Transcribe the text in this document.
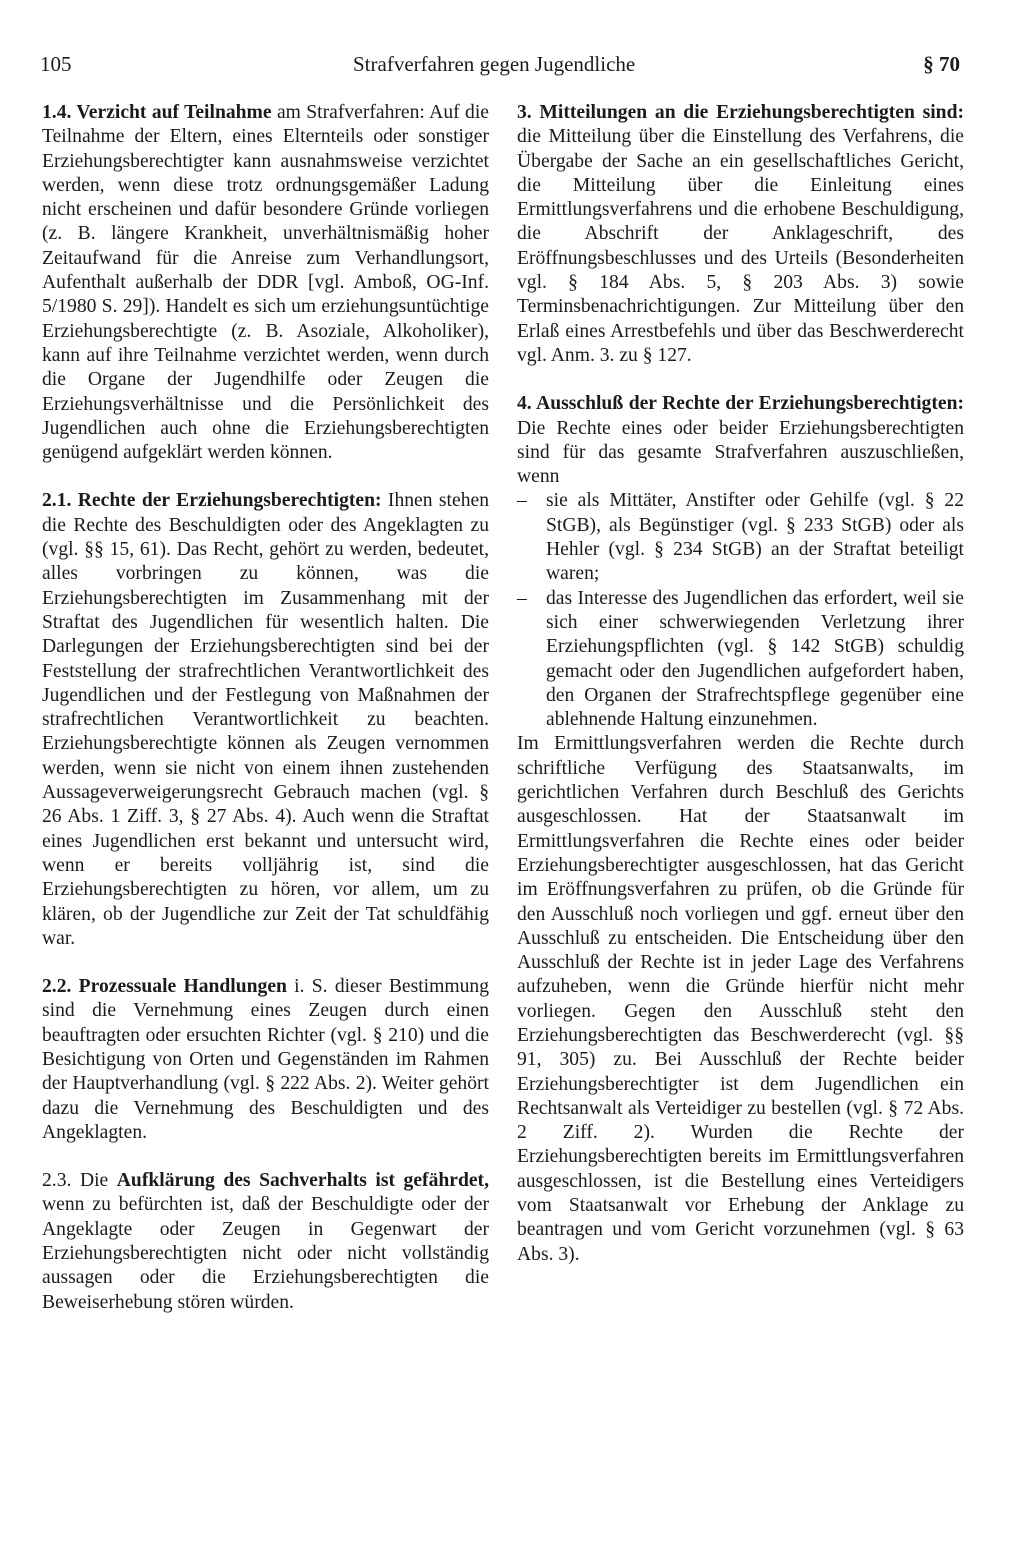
105	Strafverfahren gegen Jugendliche	§ 70

1.4. Verzicht auf Teilnahme am Strafverfahren: Auf die Teilnahme der Eltern, eines Elternteils oder sonstiger Erziehungsberechtigter kann ausnahmsweise verzichtet werden, wenn diese trotz ordnungsgemäßer Ladung nicht erscheinen und dafür besondere Gründe vorliegen (z. B. längere Krankheit, unverhältnismäßig hoher Zeitaufwand für die Anreise zum Verhandlungsort, Aufenthalt außerhalb der DDR [vgl. Amboß, OG-Inf. 5/1980 S. 29]). Handelt es sich um erziehungsuntüchtige Erziehungsberechtigte (z. B. Asoziale, Alkoholiker), kann auf ihre Teilnahme verzichtet werden, wenn durch die Organe der Jugendhilfe oder Zeugen die Erziehungsverhältnisse und die Persönlichkeit des Jugendlichen auch ohne die Erziehungsberechtigten genügend aufgeklärt werden können.

2.1. Rechte der Erziehungsberechtigten: Ihnen stehen die Rechte des Beschuldigten oder des Angeklagten zu (vgl. §§ 15, 61). Das Recht, gehört zu werden, bedeutet, alles vorbringen zu können, was die Erziehungsberechtigten im Zusammenhang mit der Straftat des Jugendlichen für wesentlich halten. Die Darlegungen der Erziehungsberechtigten sind bei der Feststellung der strafrechtlichen Verantwortlichkeit des Jugendlichen und der Festlegung von Maßnahmen der strafrechtlichen Verantwortlichkeit zu beachten. Erziehungsberechtigte können als Zeugen vernommen werden, wenn sie nicht von einem ihnen zustehenden Aussageverweigerungsrecht Gebrauch machen (vgl. § 26 Abs. 1 Ziff. 3, § 27 Abs. 4). Auch wenn die Straftat eines Jugendlichen erst bekannt und untersucht wird, wenn er bereits volljährig ist, sind die Erziehungsberechtigten zu hören, vor allem, um zu klären, ob der Jugendliche zur Zeit der Tat schuldfähig war.

2.2. Prozessuale Handlungen i. S. dieser Bestimmung sind die Vernehmung eines Zeugen durch einen beauftragten oder ersuchten Richter (vgl. § 210) und die Besichtigung von Orten und Gegenständen im Rahmen der Hauptverhandlung (vgl. § 222 Abs. 2). Weiter gehört dazu die Vernehmung des Beschuldigten und des Angeklagten.

2.3. Die Aufklärung des Sachverhalts ist gefährdet, wenn zu befürchten ist, daß der Beschuldigte oder der Angeklagte oder Zeugen in Gegenwart der Erziehungsberechtigten nicht oder nicht vollständig aussagen oder die Erziehungsberechtigten die Beweiserhebung stören würden.

3. Mitteilungen an die Erziehungsberechtigten sind: die Mitteilung über die Einstellung des Verfahrens, die Übergabe der Sache an ein gesellschaftliches Gericht, die Mitteilung über die Einleitung eines Ermittlungsverfahrens und die erhobene Beschuldigung, die Abschrift der Anklageschrift, des Eröffnungsbeschlusses und des Urteils (Besonderheiten vgl. § 184 Abs. 5, § 203 Abs. 3) sowie Terminsbenachrichtigungen. Zur Mitteilung über den Erlaß eines Arrestbefehls und über das Beschwerderecht vgl. Anm. 3. zu § 127.

4. Ausschluß der Rechte der Erziehungsberechtigten: Die Rechte eines oder beider Erziehungsberechtigten sind für das gesamte Strafverfahren auszuschließen, wenn

– sie als Mittäter, Anstifter oder Gehilfe (vgl. § 22 StGB), als Begünstiger (vgl. § 233 StGB) oder als Hehler (vgl. § 234 StGB) an der Straftat beteiligt waren;
– das Interesse des Jugendlichen das erfordert, weil sie sich einer schwerwiegenden Verletzung ihrer Erziehungspflichten (vgl. § 142 StGB) schuldig gemacht oder den Jugendlichen aufgefordert haben, den Organen der Strafrechtspflege gegenüber eine ablehnende Haltung einzunehmen.

Im Ermittlungsverfahren werden die Rechte durch schriftliche Verfügung des Staatsanwalts, im gerichtlichen Verfahren durch Beschluß des Gerichts ausgeschlossen. Hat der Staatsanwalt im Ermittlungsverfahren die Rechte eines oder beider Erziehungsberechtigter ausgeschlossen, hat das Gericht im Eröffnungsverfahren zu prüfen, ob die Gründe für den Ausschluß noch vorliegen und ggf. erneut über den Ausschluß zu entscheiden. Die Entscheidung über den Ausschluß der Rechte ist in jeder Lage des Verfahrens aufzuheben, wenn die Gründe hierfür nicht mehr vorliegen. Gegen den Ausschluß steht den Erziehungsberechtigten das Beschwerderecht (vgl. §§ 91, 305) zu. Bei Ausschluß der Rechte beider Erziehungsberechtigter ist dem Jugendlichen ein Rechtsanwalt als Verteidiger zu bestellen (vgl. § 72 Abs. 2 Ziff. 2). Wurden die Rechte der Erziehungsberechtigten bereits im Ermittlungsverfahren ausgeschlossen, ist die Bestellung eines Verteidigers vom Staatsanwalt vor Erhebung der Anklage zu beantragen und vom Gericht vorzunehmen (vgl. § 63 Abs. 3).
